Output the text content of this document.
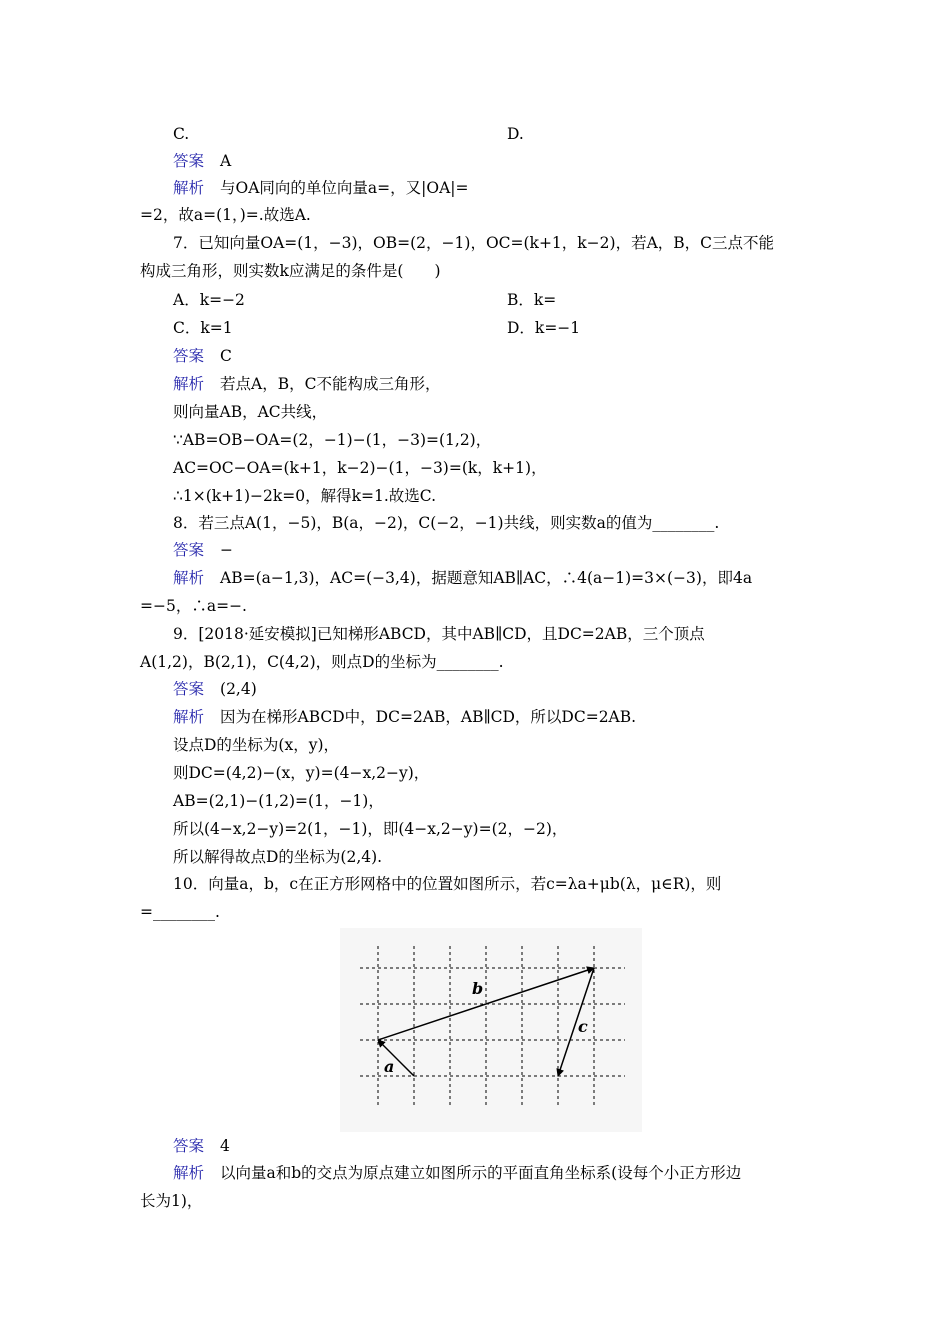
C.	D.
答案 A
解析 与OA同向的单位向量a=，又|OA|=
=2，故a=(1，)=.故选A.
7．已知向量OA=(1，−3)，OB=(2，−1)，OC=(k+1，k−2)，若A，B，C三点不能
构成三角形，则实数k应满足的条件是(　　)
A．k=−2	B．k=
C．k=1	D．k=−1
答案 C
解析 若点A，B，C不能构成三角形，
则向量AB，AC共线，
∵AB=OB−OA=(2，−1)−(1，−3)=(1,2)，
AC=OC−OA=(k+1，k−2)−(1，−3)=(k，k+1)，
∴1×(k+1)−2k=0，解得k=1.故选C.
8．若三点A(1，−5)，B(a，−2)，C(−2，−1)共线，则实数a的值为________.
答案 −
解析 AB=(a−1,3)，AC=(−3,4)，据题意知AB∥AC，∴4(a−1)=3×(−3)，即4a
=−5，∴a=−.
9．[2018·延安模拟]已知梯形ABCD，其中AB∥CD，且DC=2AB，三个顶点
A(1,2)，B(2,1)，C(4,2)，则点D的坐标为________.
答案 (2,4)
解析 因为在梯形ABCD中，DC=2AB，AB∥CD，所以DC=2AB.
设点D的坐标为(x，y)，
则DC=(4,2)−(x，y)=(4−x,2−y)，
AB=(2,1)−(1,2)=(1，−1)，
所以(4−x,2−y)=2(1，−1)，即(4−x,2−y)=(2，−2)，
所以解得故点D的坐标为(2,4).
10．向量a，b，c在正方形网格中的位置如图所示，若c=λa+μb(λ，μ∈R)，则
=________.
a
b
c
答案 4
解析 以向量a和b的交点为原点建立如图所示的平面直角坐标系(设每个小正方形边
长为1)，
